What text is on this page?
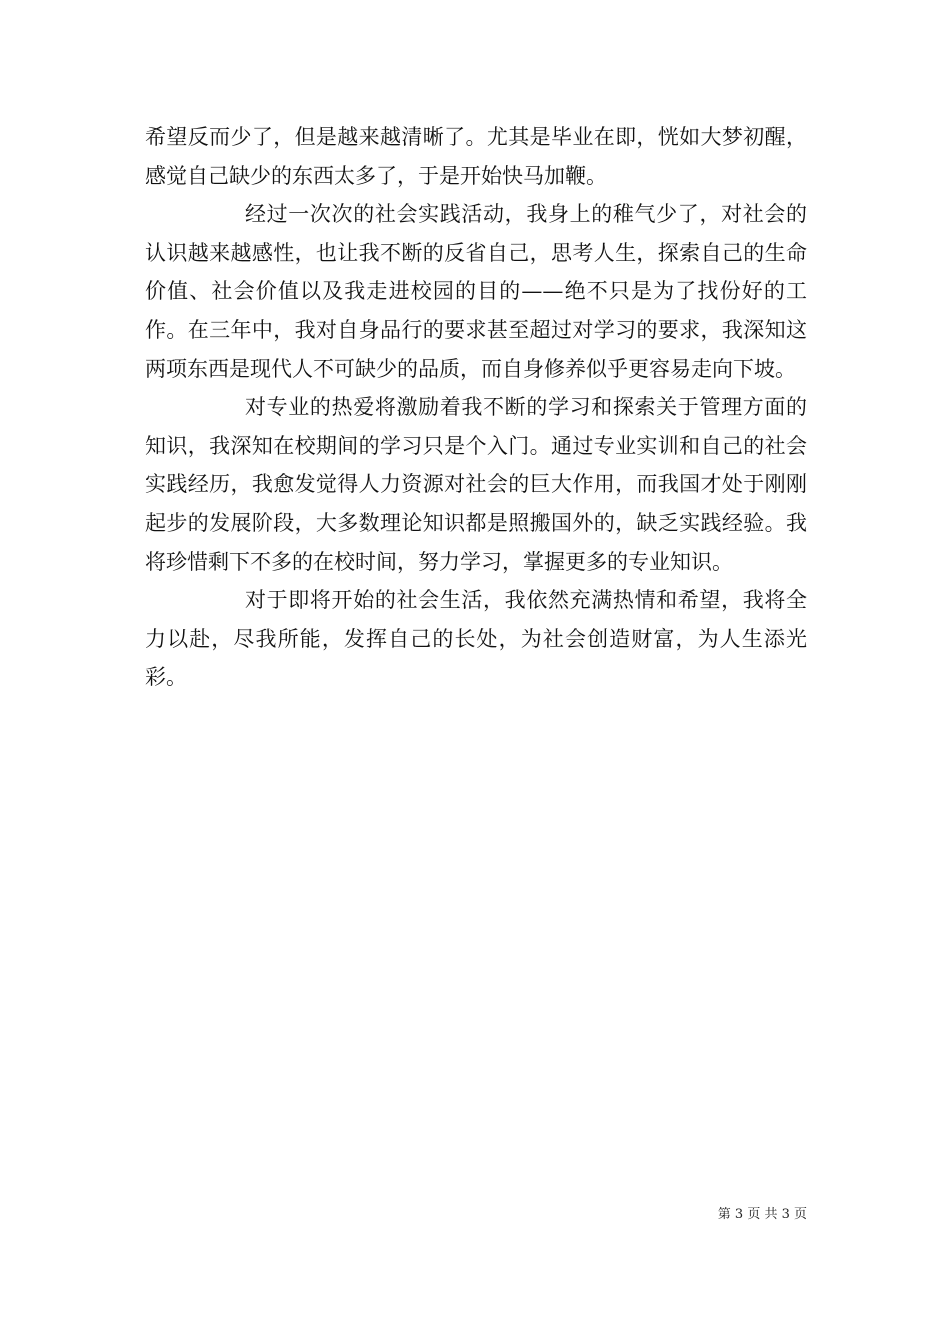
希望反而少了，但是越来越清晰了。尤其是毕业在即，恍如大梦初醒，感觉自己缺少的东西太多了，于是开始快马加鞭。

经过一次次的社会实践活动，我身上的稚气少了，对社会的认识越来越感性，也让我不断的反省自己，思考人生，探索自己的生命价值、社会价值以及我走进校园的目的——绝不只是为了找份好的工作。在三年中，我对自身品行的要求甚至超过对学习的要求，我深知这两项东西是现代人不可缺少的品质，而自身修养似乎更容易走向下坡。

对专业的热爱将激励着我不断的学习和探索关于管理方面的知识，我深知在校期间的学习只是个入门。通过专业实训和自己的社会实践经历，我愈发觉得人力资源对社会的巨大作用，而我国才处于刚刚起步的发展阶段，大多数理论知识都是照搬国外的，缺乏实践经验。我将珍惜剩下不多的在校时间，努力学习，掌握更多的专业知识。

对于即将开始的社会生活，我依然充满热情和希望，我将全力以赴，尽我所能，发挥自己的长处，为社会创造财富，为人生添光彩。

第 3 页 共 3 页
